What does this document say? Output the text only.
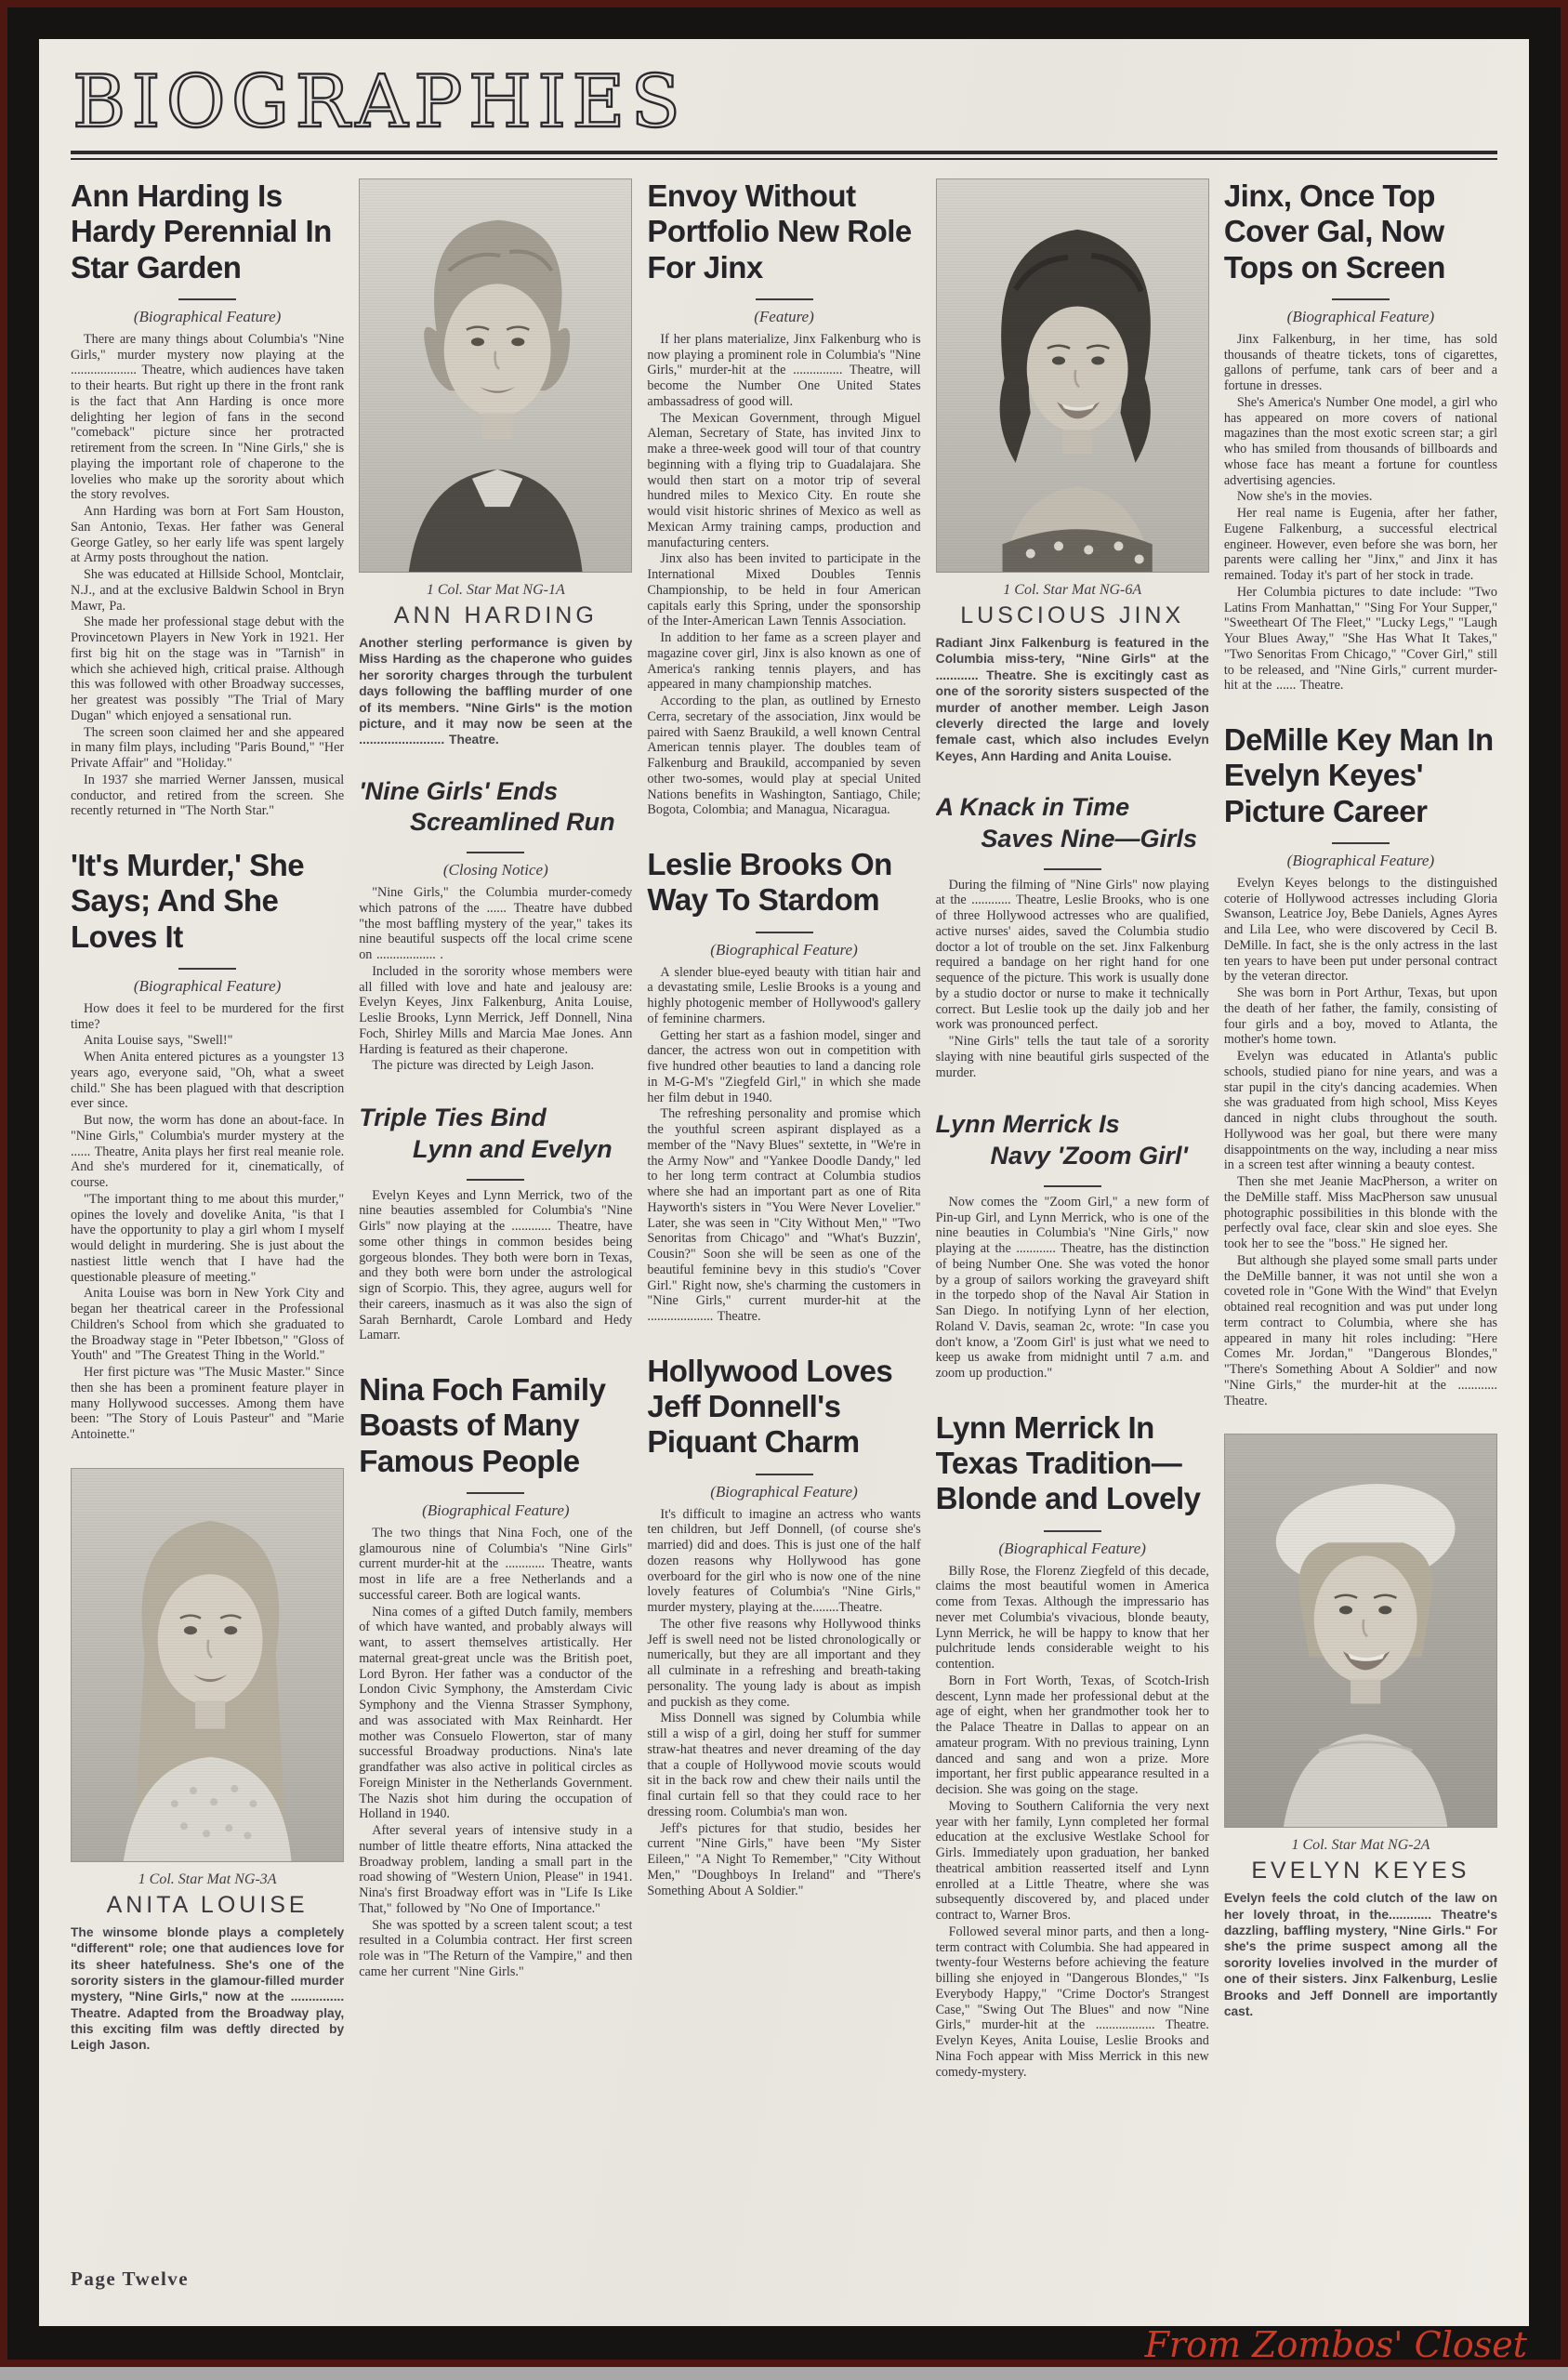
BIOGRAPHIES
Ann Harding Is Hardy Perennial In Star Garden
(Biographical Feature)

There are many things about Columbia's "Nine Girls," murder mystery now playing at the .................... Theatre, which audiences have taken to their hearts. But right up there in the front rank is the fact that Ann Harding is once more delighting her legion of fans in the second "comeback" picture since her protracted retirement from the screen. In "Nine Girls," she is playing the important role of chaperone to the lovelies who make up the sorority about which the story revolves.

Ann Harding was born at Fort Sam Houston, San Antonio, Texas. Her father was General George Gatley, so her early life was spent largely at Army posts throughout the nation.

She was educated at Hillside School, Montclair, N.J., and at the exclusive Baldwin School in Bryn Mawr, Pa.

She made her professional stage debut with the Provincetown Players in New York in 1921. Her first big hit on the stage was in "Tarnish" in which she achieved high, critical praise. Although this was followed with other Broadway successes, her greatest was possibly "The Trial of Mary Dugan" which enjoyed a sensational run.

The screen soon claimed her and she appeared in many film plays, including "Paris Bound," "Her Private Affair" and "Holiday."

In 1937 she married Werner Janssen, musical conductor, and retired from the screen. She recently returned in "The North Star."

'It's Murder,' She Says; And She Loves It
(Biographical Feature)

How does it feel to be murdered for the first time?

Anita Louise says, "Swell!"

When Anita entered pictures as a youngster 13 years ago, everyone said, "Oh, what a sweet child." She has been plagued with that description ever since.

But now, the worm has done an about-face. In "Nine Girls," Columbia's murder mystery at the ...... Theatre, Anita plays her first real meanie role. And she's murdered for it, cinematically, of course.

"The important thing to me about this murder," opines the lovely and dovelike Anita, "is that I have the opportunity to play a girl whom I myself would delight in murdering. She is just about the nastiest little wench that I have had the questionable pleasure of meeting."

Anita Louise was born in New York City and began her theatrical career in the Professional Children's School from which she graduated to the Broadway stage in "Peter Ibbetson," "Gloss of Youth" and "The Greatest Thing in the World."

Her first picture was "The Music Master." Since then she has been a prominent feature player in many Hollywood successes. Among them have been: "The Story of Louis Pasteur" and "Marie Antoinette."

1 Col. Star Mat NG-3A
ANITA LOUISE
The winsome blonde plays a completely "different" role; one that audiences love for its sheer hatefulness. She's one of the sorority sisters in the glamour-filled murder mystery, "Nine Girls," now at the ............... Theatre. Adapted from the Broadway play, this exciting film was deftly directed by Leigh Jason.
Page Twelve
1 Col. Star Mat NG-1A
ANN HARDING
Another sterling performance is given by Miss Harding as the chaperone who guides her sorority charges through the turbulent days following the baffling murder of one of its members. "Nine Girls" is the motion picture, and it may now be seen at the ........................ Theatre.
'Nine Girls' Ends
Screamlined Run
(Closing Notice)

"Nine Girls," the Columbia murder-comedy which patrons of the ...... Theatre have dubbed "the most baffling mystery of the year," takes its nine beautiful suspects off the local crime scene on .................. .

Included in the sorority whose members were all filled with love and hate and jealousy are: Evelyn Keyes, Jinx Falkenburg, Anita Louise, Leslie Brooks, Lynn Merrick, Jeff Donnell, Nina Foch, Shirley Mills and Marcia Mae Jones. Ann Harding is featured as their chaperone.

The picture was directed by Leigh Jason.

Triple Ties Bind
Lynn and Evelyn

Evelyn Keyes and Lynn Merrick, two of the nine beauties assembled for Columbia's "Nine Girls" now playing at the ............ Theatre, have some other things in common besides being gorgeous blondes. They both were born in Texas, and they both were born under the astrological sign of Scorpio. This, they agree, augurs well for their careers, inasmuch as it was also the sign of Sarah Bernhardt, Carole Lombard and Hedy Lamarr.

Nina Foch Family Boasts of Many Famous People
(Biographical Feature)

The two things that Nina Foch, one of the glamourous nine of Columbia's "Nine Girls" current murder-hit at the ............ Theatre, wants most in life are a free Netherlands and a successful career. Both are logical wants.

Nina comes of a gifted Dutch family, members of which have wanted, and probably always will want, to assert themselves artistically. Her maternal great-great uncle was the British poet, Lord Byron. Her father was a conductor of the London Civic Symphony, the Amsterdam Civic Symphony and the Vienna Strasser Symphony, and was associated with Max Reinhardt. Her mother was Consuelo Flowerton, star of many successful Broadway productions. Nina's late grandfather was also active in political circles as Foreign Minister in the Netherlands Government. The Nazis shot him during the occupation of Holland in 1940.

After several years of intensive study in a number of little theatre efforts, Nina attacked the Broadway problem, landing a small part in the road showing of "Western Union, Please" in 1941. Nina's first Broadway effort was in "Life Is Like That," followed by "No One of Importance."

She was spotted by a screen talent scout; a test resulted in a Columbia contract. Her first screen role was in "The Return of the Vampire," and then came her current "Nine Girls."

Envoy Without Portfolio New Role For Jinx
(Feature)

If her plans materialize, Jinx Falkenburg who is now playing a prominent role in Columbia's "Nine Girls," murder-hit at the ............... Theatre, will become the Number One United States ambassadress of good will.

The Mexican Government, through Miguel Aleman, Secretary of State, has invited Jinx to make a three-week good will tour of that country beginning with a flying trip to Guadalajara. She would then start on a motor trip of several hundred miles to Mexico City. En route she would visit historic shrines of Mexico as well as Mexican Army training camps, production and manufacturing centers.

Jinx also has been invited to participate in the International Mixed Doubles Tennis Championship, to be held in four American capitals early this Spring, under the sponsorship of the Inter-American Lawn Tennis Association.

In addition to her fame as a screen player and magazine cover girl, Jinx is also known as one of America's ranking tennis players, and has appeared in many championship matches.

According to the plan, as outlined by Ernesto Cerra, secretary of the association, Jinx would be paired with Saenz Braukild, a well known Central American tennis player. The doubles team of Falkenburg and Braukild, accompanied by seven other two-somes, would play at special United Nations benefits in Washington, Santiago, Chile; Bogota, Colombia; and Managua, Nicaragua.

Leslie Brooks On Way To Stardom
(Biographical Feature)

A slender blue-eyed beauty with titian hair and a devastating smile, Leslie Brooks is a young and highly photogenic member of Hollywood's gallery of feminine charmers.

Getting her start as a fashion model, singer and dancer, the actress won out in competition with five hundred other beauties to land a dancing role in M-G-M's "Ziegfeld Girl," in which she made her film debut in 1940.

The refreshing personality and promise which the youthful screen aspirant displayed as a member of the "Navy Blues" sextette, in "We're in the Army Now" and "Yankee Doodle Dandy," led to her long term contract at Columbia studios where she had an important part as one of Rita Hayworth's sisters in "You Were Never Lovelier." Later, she was seen in "City Without Men," "Two Senoritas from Chicago" and "What's Buzzin', Cousin?" Soon she will be seen as one of the beautiful feminine bevy in this studio's "Cover Girl." Right now, she's charming the customers in "Nine Girls," current murder-hit at the .................... Theatre.

Hollywood Loves Jeff Donnell's Piquant Charm
(Biographical Feature)

It's difficult to imagine an actress who wants ten children, but Jeff Donnell, (of course she's married) did and does. This is just one of the half dozen reasons why Hollywood has gone overboard for the girl who is now one of the nine lovely features of Columbia's "Nine Girls," murder mystery, playing at the........Theatre.

The other five reasons why Hollywood thinks Jeff is swell need not be listed chronologically or numerically, but they are all important and they all culminate in a refreshing and breath-taking personality. The young lady is about as impish and puckish as they come.

Miss Donnell was signed by Columbia while still a wisp of a girl, doing her stuff for summer straw-hat theatres and never dreaming of the day that a couple of Hollywood movie scouts would sit in the back row and chew their nails until the final curtain fell so that they could race to her dressing room. Columbia's man won.

Jeff's pictures for that studio, besides her current "Nine Girls," have been "My Sister Eileen," "A Night To Remember," "City Without Men," "Doughboys In Ireland" and "There's Something About A Soldier."

1 Col. Star Mat NG-6A
LUSCIOUS JINX
Radiant Jinx Falkenburg is featured in the Columbia miss-tery, "Nine Girls" at the ............ Theatre. She is excitingly cast as one of the sorority sisters suspected of the murder of another member. Leigh Jason cleverly directed the large and lovely female cast, which also includes Evelyn Keyes, Ann Harding and Anita Louise.
A Knack in Time
Saves Nine—Girls

During the filming of "Nine Girls" now playing at the ............ Theatre, Leslie Brooks, who is one of three Hollywood actresses who are qualified, active nurses' aides, saved the Columbia studio doctor a lot of trouble on the set. Jinx Falkenburg required a bandage on her right hand for one sequence of the picture. This work is usually done by a studio doctor or nurse to make it technically correct. But Leslie took up the daily job and her work was pronounced perfect.

"Nine Girls" tells the taut tale of a sorority slaying with nine beautiful girls suspected of the murder.

Lynn Merrick Is
Navy 'Zoom Girl'

Now comes the "Zoom Girl," a new form of Pin-up Girl, and Lynn Merrick, who is one of the nine beauties in Columbia's "Nine Girls," now playing at the ............ Theatre, has the distinction of being Number One. She was voted the honor by a group of sailors working the graveyard shift in the torpedo shop of the Naval Air Station in San Diego. In notifying Lynn of her election, Roland V. Davis, seaman 2c, wrote: "In case you don't know, a 'Zoom Girl' is just what we need to keep us awake from midnight until 7 a.m. and zoom up production."

Lynn Merrick In Texas Tradition— Blonde and Lovely
(Biographical Feature)

Billy Rose, the Florenz Ziegfeld of this decade, claims the most beautiful women in America come from Texas. Although the impressario has never met Columbia's vivacious, blonde beauty, Lynn Merrick, he will be happy to know that her pulchritude lends considerable weight to his contention.

Born in Fort Worth, Texas, of Scotch-Irish descent, Lynn made her professional debut at the age of eight, when her grandmother took her to the Palace Theatre in Dallas to appear on an amateur program. With no previous training, Lynn danced and sang and won a prize. More important, her first public appearance resulted in a decision. She was going on the stage.

Moving to Southern California the very next year with her family, Lynn completed her formal education at the exclusive Westlake School for Girls. Immediately upon graduation, her banked theatrical ambition reasserted itself and Lynn enrolled at a Little Theatre, where she was subsequently discovered by, and placed under contract to, Warner Bros.

Followed several minor parts, and then a long-term contract with Columbia. She had appeared in twenty-four Westerns before achieving the feature billing she enjoyed in "Dangerous Blondes," "Is Everybody Happy," "Crime Doctor's Strangest Case," "Swing Out The Blues" and now "Nine Girls," murder-hit at the .................. Theatre. Evelyn Keyes, Anita Louise, Leslie Brooks and Nina Foch appear with Miss Merrick in this new comedy-mystery.

Jinx, Once Top Cover Gal, Now Tops on Screen
(Biographical Feature)

Jinx Falkenburg, in her time, has sold thousands of theatre tickets, tons of cigarettes, gallons of perfume, tank cars of beer and a fortune in dresses.

She's America's Number One model, a girl who has appeared on more covers of national magazines than the most exotic screen star; a girl who has smiled from thousands of billboards and whose face has meant a fortune for countless advertising agencies.

Now she's in the movies.

Her real name is Eugenia, after her father, Eugene Falkenburg, a successful electrical engineer. However, even before she was born, her parents were calling her "Jinx," and Jinx it has remained. Today it's part of her stock in trade.

Her Columbia pictures to date include: "Two Latins From Manhattan," "Sing For Your Supper," "Sweetheart Of The Fleet," "Lucky Legs," "Laugh Your Blues Away," "She Has What It Takes," "Two Senoritas From Chicago," "Cover Girl," still to be released, and "Nine Girls," current murder-hit at the ...... Theatre.

DeMille Key Man In Evelyn Keyes' Picture Career
(Biographical Feature)

Evelyn Keyes belongs to the distinguished coterie of Hollywood actresses including Gloria Swanson, Leatrice Joy, Bebe Daniels, Agnes Ayres and Lila Lee, who were discovered by Cecil B. DeMille. In fact, she is the only actress in the last ten years to have been put under personal contract by the veteran director.

She was born in Port Arthur, Texas, but upon the death of her father, the family, consisting of four girls and a boy, moved to Atlanta, the mother's home town.

Evelyn was educated in Atlanta's public schools, studied piano for nine years, and was a star pupil in the city's dancing academies. When she was graduated from high school, Miss Keyes danced in night clubs throughout the south. Hollywood was her goal, but there were many disappointments on the way, including a near miss in a screen test after winning a beauty contest.

Then she met Jeanie MacPherson, a writer on the DeMille staff. Miss MacPherson saw unusual photographic possibilities in this blonde with the perfectly oval face, clear skin and sloe eyes. She took her to see the "boss." He signed her.

But although she played some small parts under the DeMille banner, it was not until she won a coveted role in "Gone With the Wind" that Evelyn obtained real recognition and was put under long term contract to Columbia, where she has appeared in many hit roles including: "Here Comes Mr. Jordan," "Dangerous Blondes," "There's Something About A Soldier" and now "Nine Girls," the murder-hit at the ............ Theatre.

1 Col. Star Mat NG-2A
EVELYN KEYES
Evelyn feels the cold clutch of the law on her lovely throat, in the............ Theatre's dazzling, baffling mystery, "Nine Girls." For she's the prime suspect among all the sorority lovelies involved in the murder of one of their sisters. Jinx Falkenburg, Leslie Brooks and Jeff Donnell are importantly cast.
From Zombos' Closet
